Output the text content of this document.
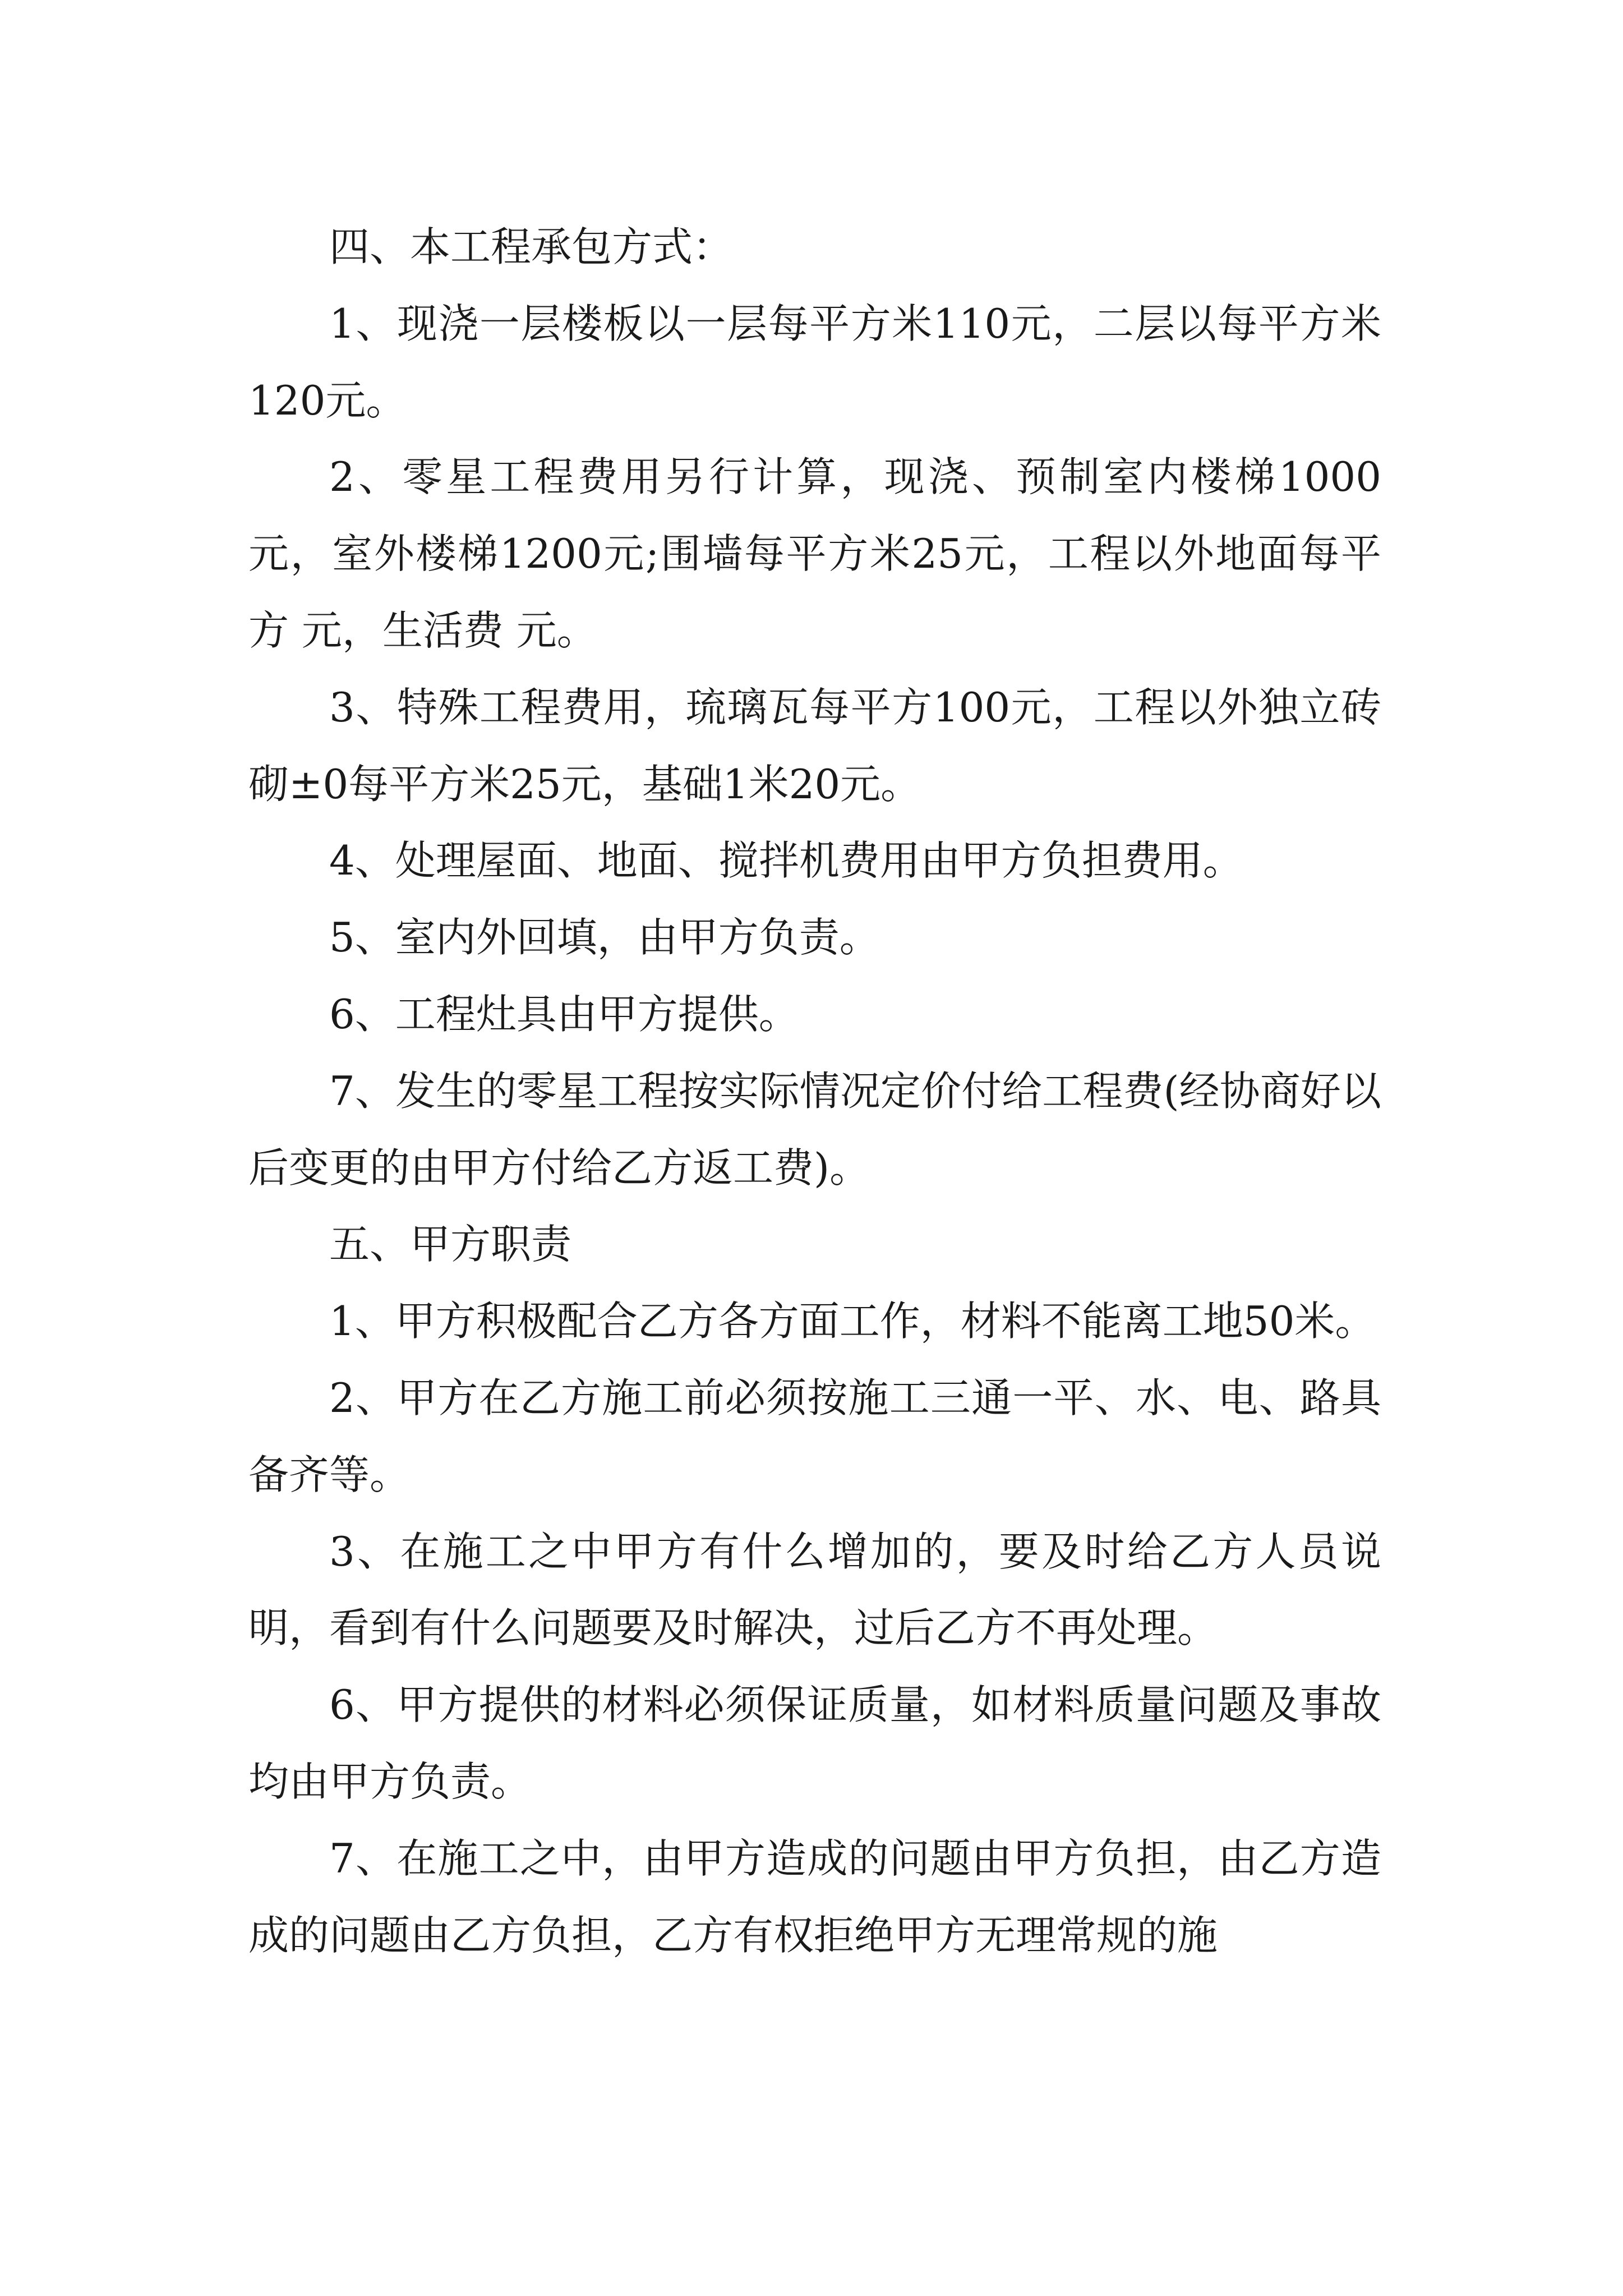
四、本工程承包方式：

1、现浇一层楼板以一层每平方米110元，二层以每平方米120元。

2、零星工程费用另行计算，现浇、预制室内楼梯1000元，室外楼梯1200元;围墙每平方米25元，工程以外地面每平方 元，生活费 元。

3、特殊工程费用，琉璃瓦每平方100元，工程以外独立砖砌±0每平方米25元，基础1米20元。

4、处理屋面、地面、搅拌机费用由甲方负担费用。

5、室内外回填，由甲方负责。

6、工程灶具由甲方提供。

7、发生的零星工程按实际情况定价付给工程费(经协商好以后变更的由甲方付给乙方返工费)。

五、甲方职责

1、甲方积极配合乙方各方面工作，材料不能离工地50米。

2、甲方在乙方施工前必须按施工三通一平、水、电、路具备齐等。

3、在施工之中甲方有什么增加的，要及时给乙方人员说明，看到有什么问题要及时解决，过后乙方不再处理。

6、甲方提供的材料必须保证质量，如材料质量问题及事故均由甲方负责。

7、在施工之中，由甲方造成的问题由甲方负担，由乙方造成的问题由乙方负担，乙方有权拒绝甲方无理常规的施
